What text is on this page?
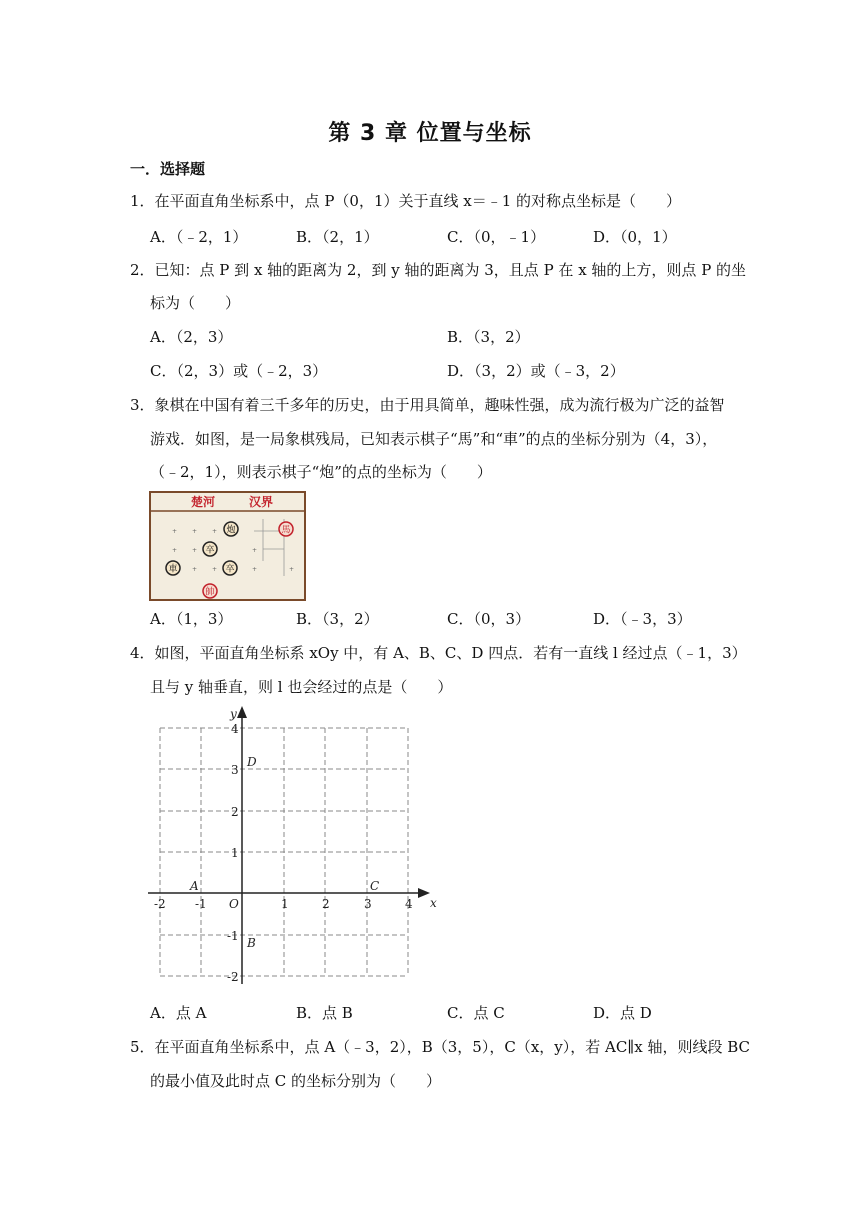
第 3 章 位置与坐标
一．选择题
1．在平面直角坐标系中，点 P（0，1）关于直线 x＝﹣1 的对称点坐标是（　　）
A．（﹣2，1）	B．（2，1）	C．（0，﹣1）	D．（0，1）
2．已知：点 P 到 x 轴的距离为 2，到 y 轴的距离为 3，且点 P 在 x 轴的上方，则点 P 的坐
标为（　　）
A．（2，3）	B．（3，2）
C．（2，3）或（﹣2，3）	D．（3，2）或（﹣3，2）
3．象棋在中国有着三千多年的历史，由于用具简单，趣味性强，成为流行极为广泛的益智
游戏．如图，是一局象棋残局，已知表示棋子“馬”和“車”的点的坐标分别为（4，3），
（﹣2，1），则表示棋子“炮”的点的坐标为（　　）
楚河	汉界
+ + +
+ +	+
+ +	+	+
炮	馬
卒
卒
車
帥
A．（1，3）	B．（3，2）	C．（0，3）	D．（﹣3，3）
4．如图，平面直角坐标系 xOy 中，有 A、B、C、D 四点．若有一直线 l 经过点（﹣1，3）
且与 y 轴垂直，则 l 也会经过的点是（　　）
x
y
O
-2 -1	1	2	3	4
4
3
2
1
-1
-2
A
B
C
D
A．点 A	B．点 B	C．点 C	D．点 D
5．在平面直角坐标系中，点 A（﹣3，2），B（3，5），C（x，y），若 AC∥x 轴，则线段 BC
的最小值及此时点 C 的坐标分别为（　　）
